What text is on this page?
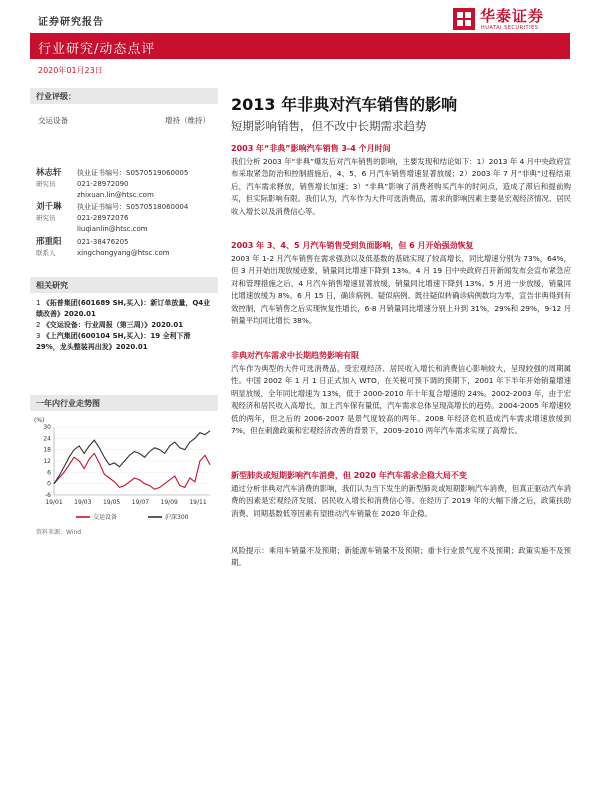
证券研究报告	华泰证券
HUATAI SECURITIES
行业研究/动态点评
2020年01月23日
行业评级：
交运设备	增持（维持）
林志轩
研究员
执业证书编号：S0570519060005
021-28972090
zhixuan.lin@htsc.com
刘千琳
研究员
执业证书编号：S0570518060004
021-28972076
liuqianlin@htsc.com
邢重阳
联系人
021-38476205
xingchongyang@htsc.com
相关研究
1 《拓普集团(601689 SH,买入)：新订单放量，Q4业绩改善》2020.01
2 《交运设备：行业周报（第三周）》2020.01
3 《上汽集团(600104 SH,买入)：19 全利下滑 29%，龙头整装再出发》2020.01
一年内行业走势图
(%)
-6
0
6
12
18
24
30
19/01 19/03 19/05 19/07 19/09 19/11
交运设备	沪深300
资料来源：Wind
2013 年非典对汽车销售的影响
短期影响销售，但不改中长期需求趋势
2003 年“非典”影响汽车销售 3-4 个月时间
我们分析 2003 年“非典”爆发后对汽车销售的影响，主要发现和结论如下：1）2013 年 4 月中央政府宣布采取紧急防治和控制措施后，4、5、6 月汽车销售增速显著放缓；2）2003 年 7 月“非典”过程结束后，汽车需求释放，销售增长加速；3）“非典”影响了消费者购买汽车的时间点，造成了滞后和提前购买，但实际影响有限。我们认为，汽车作为大件可选消费品，需求的影响因素主要是宏观经济情况、居民收入增长以及消费信心等。
2003 年 3、4、5 月汽车销售受到负面影响，但 6 月开始强劲恢复
2003 年 1-2 月汽车销售在需求强劲以及低基数的基础实现了较高增长，同比增速分别为 73%，64%，但 3 月开始出现放缓迹象，销量同比增速下降到 13%。4 月 19 日中央政府召开新闻发布会宣布紧急应对和管理措施之后，4 月汽车销售增速显著放缓，销量同比增速下降到 13%。5 月进一步放缓，销量同比增速放缓为 8%。6 月 15 日，确诊病例、疑似病例、既往疑似转确诊病例数均为零，宣告非典得到有效控制，汽车销售之后实现恢复性增长，6-8 月销量同比增速分别上升到 31%，29%和 29%，9-12 月销量平均同比增长 38%。
非典对汽车需求中长期趋势影响有限
汽车作为典型的大件可选消费品，受宏观经济、居民收入增长和消费信心影响较大，呈现较强的周期属性。中国 2002 年 1 月 1 日正式加入 WTO，在关税可预下调的预期下，2001 年下半年开始销量增速明显放缓，全年同比增速为 13%，低于 2000-2010 年十年复合增速的 24%。2002-2003 年，由于宏观经济和居民收入高增长，加上汽车保有量低，汽车需求总体呈现高增长的趋势。2004-2005 年增速较低的两年，但之后的 2006-2007 是景气度较高的两年。2008 年经济危机造成汽车需求增速放缓到 7%，但在刺激政策和宏观经济改善的背景下，2009-2010 两年汽车需求实现了高增长。
新型肺炎或短期影响汽车消费，但 2020 年汽车需求企稳大局不变
通过分析非典对汽车消费的影响，我们认为当下发生的新型肺炎或短期影响汽车消费，但真正驱动汽车消费的因素是宏观经济发展、居民收入增长和消费信心等。在经历了 2019 年的大幅下滑之后，政策扶助消费、同期基数低等因素有望推动汽车销量在 2020 年企稳。
风险提示：乘用车销量不及预期；新能源车销量不及预期；重卡行业景气度不及预期；政策实施不及预期。
